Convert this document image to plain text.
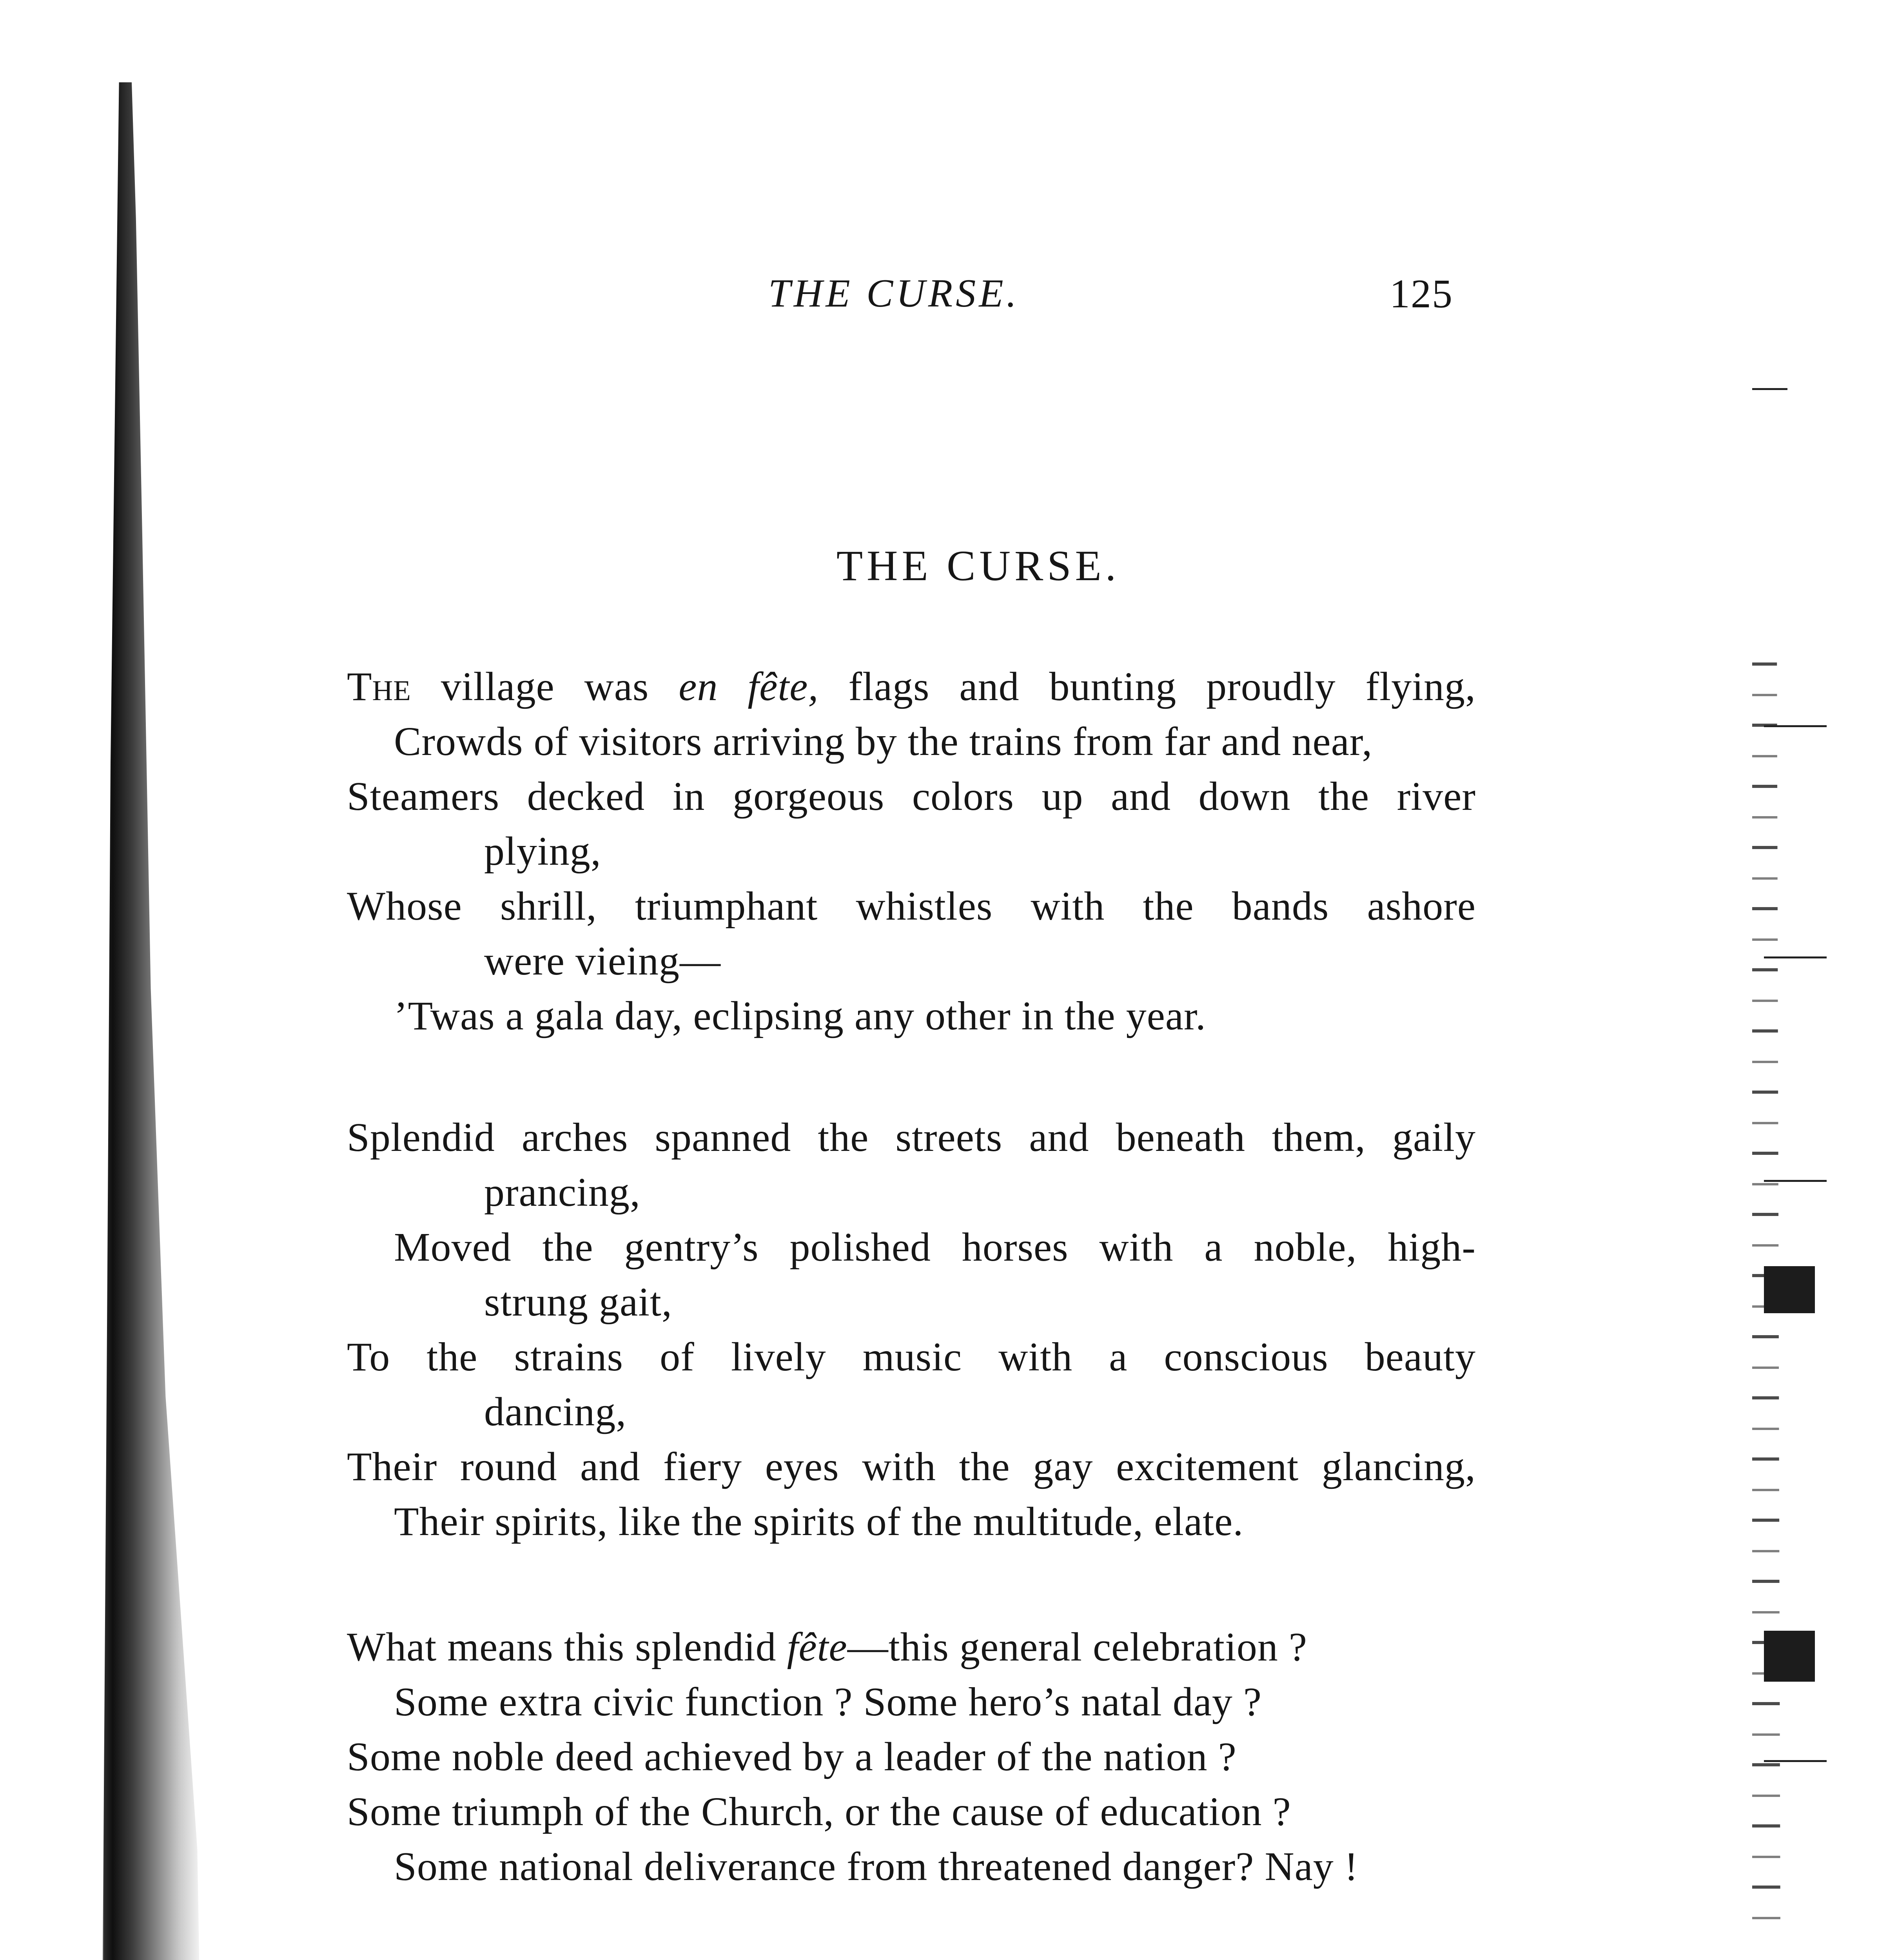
THE CURSE.	125
THE CURSE.
The village was en fête, flags and bunting proudly flying,
Crowds of visitors arriving by the trains from far and near,
Steamers decked in gorgeous colors up and down the river
plying,
Whose shrill, triumphant whistles with the bands ashore
were vieing—
’Twas a gala day, eclipsing any other in the year.
Splendid arches spanned the streets and beneath them, gaily
prancing,
Moved the gentry’s polished horses with a noble, high-
strung gait,
To the strains of lively music with a conscious beauty
dancing,
Their round and fiery eyes with the gay excitement glancing,
Their spirits, like the spirits of the multitude, elate.
What means this splendid fête—this general celebration ?
Some extra civic function ? Some hero’s natal day ?
Some noble deed achieved by a leader of the nation ?
Some triumph of the Church, or the cause of education ?
Some national deliverance from threatened danger? Nay !
